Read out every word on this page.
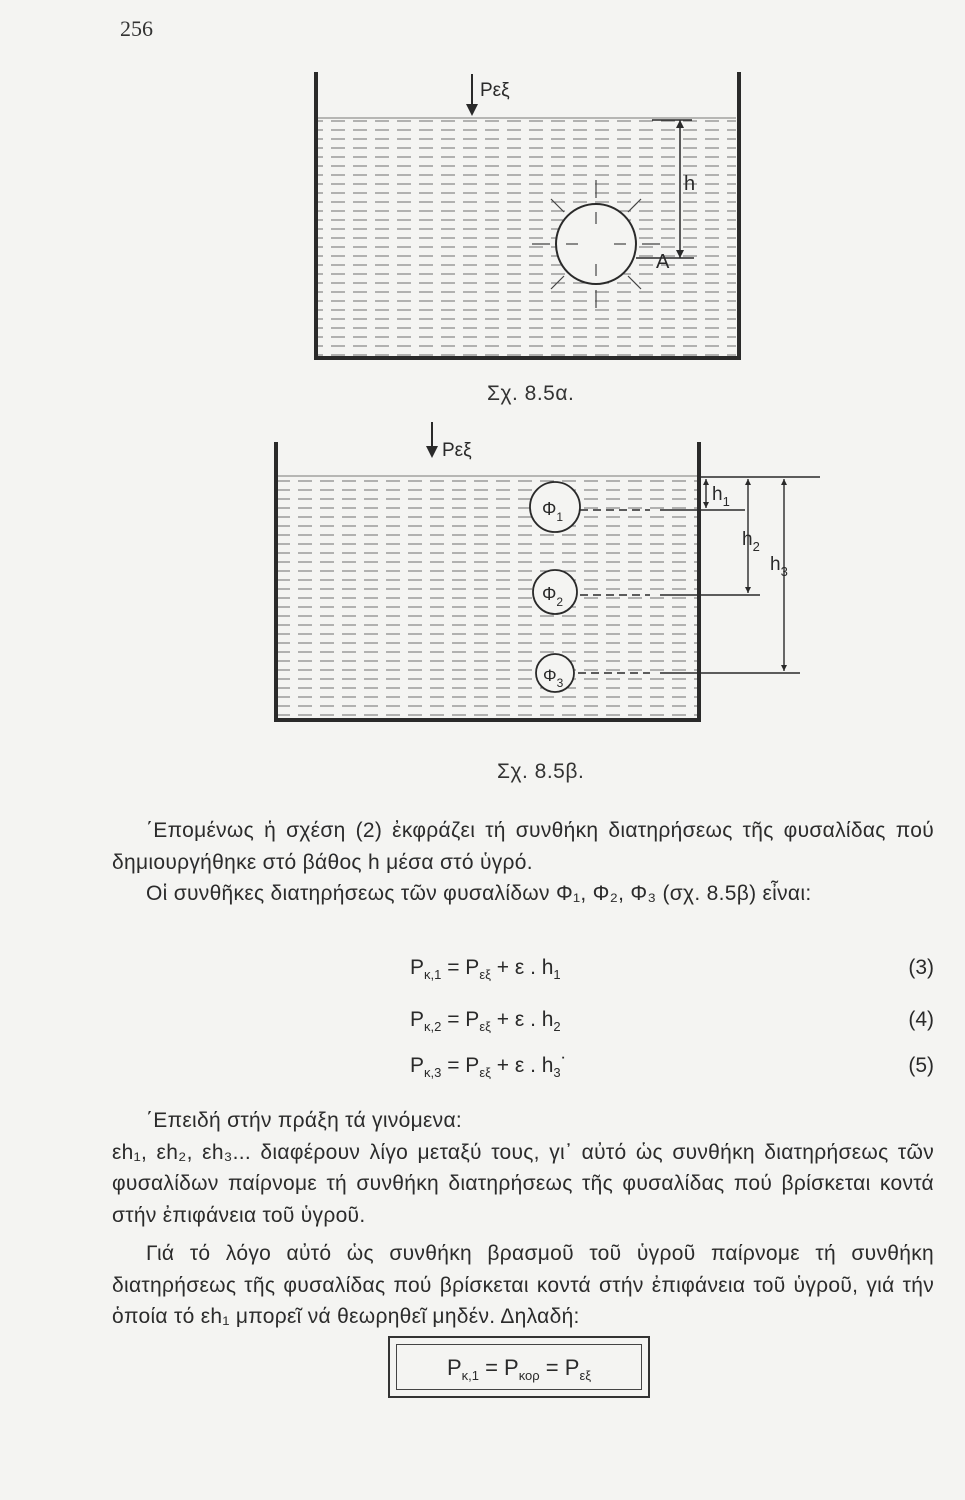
256
Ρεξ
h
A
Ρεξ
$\Phi_1$
$\Phi_2$
$\Phi_3$
$h_1$
$h_2$
$h_3$
Σχ. 8.5α.
Σχ. 8.5β.

΄Επομένως ἡ σχέση (2) ἐκφράζει τή συνθήκη διατηρήσεως τῆς φυσαλίδας πού δημιουργήθηκε στό βάθος h μέσα στό ὑγρό.

Οἱ συνθῆκες διατηρήσεως τῶν φυσαλίδων Φ₁, Φ₂, Φ₃ (σχ. 8.5β) εἶναι:

$P_{\kappa,1} = P_{\varepsilon\xi} + \varepsilon$ . $h_1$	(3)
$P_{\kappa,2} = P_{\varepsilon\xi} + \varepsilon$ . $h_2$	(4)
$P_{\kappa,3} = P_{\varepsilon\xi} + \varepsilon$ . $h_3˙$	(5)

΄Επειδή στήν πράξη τά γινόμενα:

εh₁, εh₂, εh₃... διαφέρουν λίγο μεταξύ τους, γι᾿ αὐτό ὡς συνθήκη διατηρήσεως τῶν φυσαλίδων παίρνομε τή συνθήκη διατηρήσεως τῆς φυσαλίδας πού βρίσκεται κοντά στήν ἐπιφάνεια τοῦ ὑγροῦ.

Γιά τό λόγο αὐτό ὡς συνθήκη βρασμοῦ τοῦ ὑγροῦ παίρνομε τή συνθήκη διατηρήσεως τῆς φυσαλίδας πού βρίσκεται κοντά στήν ἐπιφάνεια τοῦ ὑγροῦ, γιά τήν ὁποία τό εh₁ μπορεῖ νά θεωρηθεῖ μηδέν. Δηλαδή:

$P_{\kappa,1} = P_{\kappa o\rho} = P_{\varepsilon\xi}$
